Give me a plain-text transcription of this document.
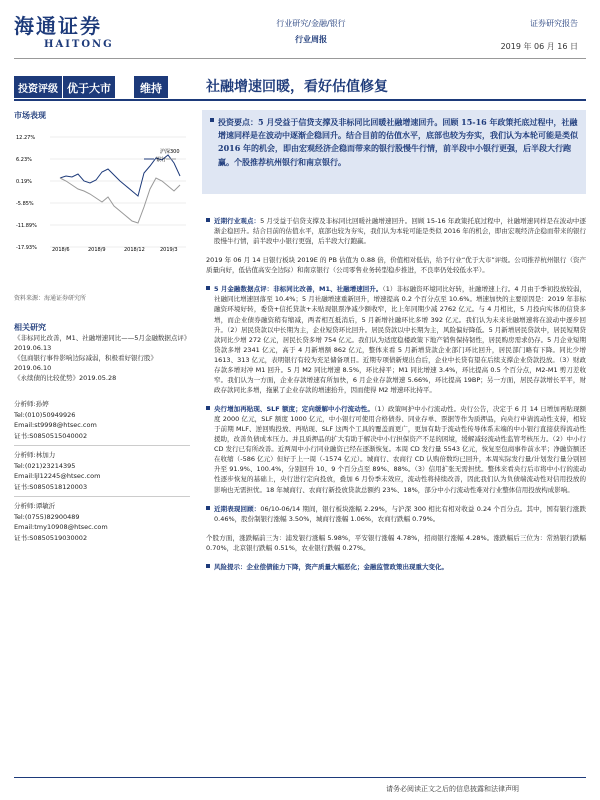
海通证券
HAITONG
行业研究/金融/银行
行业周报
证券研究报告
2019 年 06 月 16 日
投资评级 优于大市	维持	社融增速回暖，看好估值修复
市场表现
12.27%
6.23%
0.19%
-5.85%
-11.89%
-17.93%	2018/6	2018/9	2018/12	2019/3
银行
沪深300
资料来源：海通证券研究所
相关研究
《非标同比改善，M1、社融增速同比——5月金融数据点评》2019.06.13
《包商银行事件影响边际减弱，积极看好银行股》2019.06.10
《永续债的比较优势》2019.05.28
分析师:孙婷
Tel:(010)50949926
Email:st9998@htsec.com
证书:S0850515040002
分析师:林加力
Tel:(021)23214395
Email:ljl12245@htsec.com
证书:S0850518120003
分析师:谭敏沂
Tel:(0755)82900489
Email:tmy10908@htsec.com
证书:S0850519030002
投资要点：5 月受益于信贷支撑及非标同比回暖社融增速回升。回顾 15-16 年政策托底过程中，社融增速同样是在波动中逐渐企稳回升。结合目前的估值水平，底部也较为夯实，我们认为本轮可能是类似 2016 年的机会，即由宏观经济企稳而带来的银行股慢牛行情，前半段中小银行更强，后半段大行跑赢。个股推荐杭州银行和南京银行。

近期行业观点：5 月受益于信贷支撑及非标同比回暖社融增速回升。回顾 15-16 年政策托底过程中，社融增速同样是在波动中逐渐企稳回升。结合目前的估值水平，底部也较为夯实，我们认为本轮可能是类似 2016 年的机会，即由宏观经济企稳而带来的银行股慢牛行情，前半段中小银行更强，后半段大行跑赢。

2019 年 06 月 14 日银行板块 2019E 的 PB 估值为 0.88 倍，价值相对低估，给予行业“优于大市”评级。公司推荐杭州银行（资产质量向好，低估值高安全边际）和南京银行（公司零售业务转型稳步推进，不良率仍处较低水平）。

5 月金融数据点评：非标同比改善，M1、社融增速回升。（1）非标融资环境同比好转，社融增速上行。4 月由于季初投放较弱，社融同比增速回落至 10.4%；5 月社融增速重新回升，增速提高 0.2 个百分点至 10.6%。增速加快的主要原因是：2019 年非标融资环境好转，委贷+信托贷款+未贴现银票净减少额收窄，比上年同期少减 2762 亿元。与 4 月相比，5 月投向实体的信贷多增，而企业债券融资稍有缩减，两者相互抵消后，5 月新增社融环比多增 392 亿元。我们认为未来社融增速将在波动中逐步回升。（2）居民贷款以中长期为主，企业短贷环比回升。居民贷款以中长期为主，风险偏好降低。5 月新增居民贷款中，居民短期贷款同比少增 272 亿元，居民长贷多增 754 亿元。我们认为适度稳楼政策下地产销售保持韧性，居民购房需求仍存。5 月企业短期贷款多增 2341 亿元，高于 4 月新增额 862 亿元，整体来看 5 月新增贷款企业部门环比回升，居民部门略有下降。同比少增 1613、313 亿元，表明银行有较为充足储备项目。近期专项债新规出台后，企业中长贷有望在后续支撑企业贷款投放。（3）财政存款多增对冲 M1 回升。5 月 M2 同比增速 8.5%，环比持平；M1 同比增速 3.4%，环比提高 0.5 个百分点，M2-M1 剪刀差收窄。我们认为一方面，企业存款增速有所加快，6 月企业存款增速 5.66%，环比提高 19BP；另一方面，居民存款增长平平，财政存款同比多增，拖累了企业存款的增速抬升，因而使得 M2 增速环比持平。

央行增加再贴现、SLF 额度；定向缓解中小行流动性。（1）政策呵护中小行流动性。央行公告，决定于 6 月 14 日增加再贴现额度 2000 亿元，SLF 额度 1000 亿元，中小银行可使用合格债券、同业存单、票据等作为质押品，向央行申请流动性支持，相较于前期 MLF、逆回购投放、再贴现、SLF 这两个工具的覆盖面更广，更加有助于流动性传导体系末端的中小银行直接获得流动性援助，改善负债成本压力。并且质押品的扩大有助于解决中小行担保资产不足的困境，缓解减轻流动性监管考核压力。（2）中小行 CD 发行已有所改善。近两周中小行同业融资已经在逐渐恢复。本周 CD 发行量 5543 亿元，恢复至包商事件前水平；净融资额还在收缩（-586 亿元）但好于上一周（-1574 亿元）。城商行、农商行 CD 认购倍数均已回升，本周实际发行量/计划发行量分别回升至 91.9%、100.4%，分别回升 10、9 个百分点至 89%、88%。（3）信用扩张无需担忧。整体来看央行后市将中小行的流动性逐步恢复的基础上，央行进行定向投放，叠加 6 月份季末效应，流动性将持续改善，因此我们认为负债端流动性对信用投放的影响也无需担忧。18 年城商行、农商行新投放贷款总额约 23%、18%，部分中小行流动性难对行业整体信用投放构成影响。

近期表现回顾：06/10-06/14 期间，银行板块涨幅 2.29%，与沪深 300 相比有相对收益 0.24 个百分点。其中，国有银行涨跌 0.46%，股份制银行涨幅 3.50%，城商行涨幅 1.06%，农商行跌幅 0.79%。

个股方面，涨跌幅前三为：浦发银行涨幅 5.98%，平安银行涨幅 4.78%，招商银行涨幅 4.28%。涨跌幅后三位为：常熟银行跌幅 0.70%，北京银行跌幅 0.51%，农业银行跌幅 0.27%。

风险提示：企业偿债能力下降，资产质量大幅恶化；金融监管政策出现重大变化。

请务必阅读正文之后的信息披露和法律声明
